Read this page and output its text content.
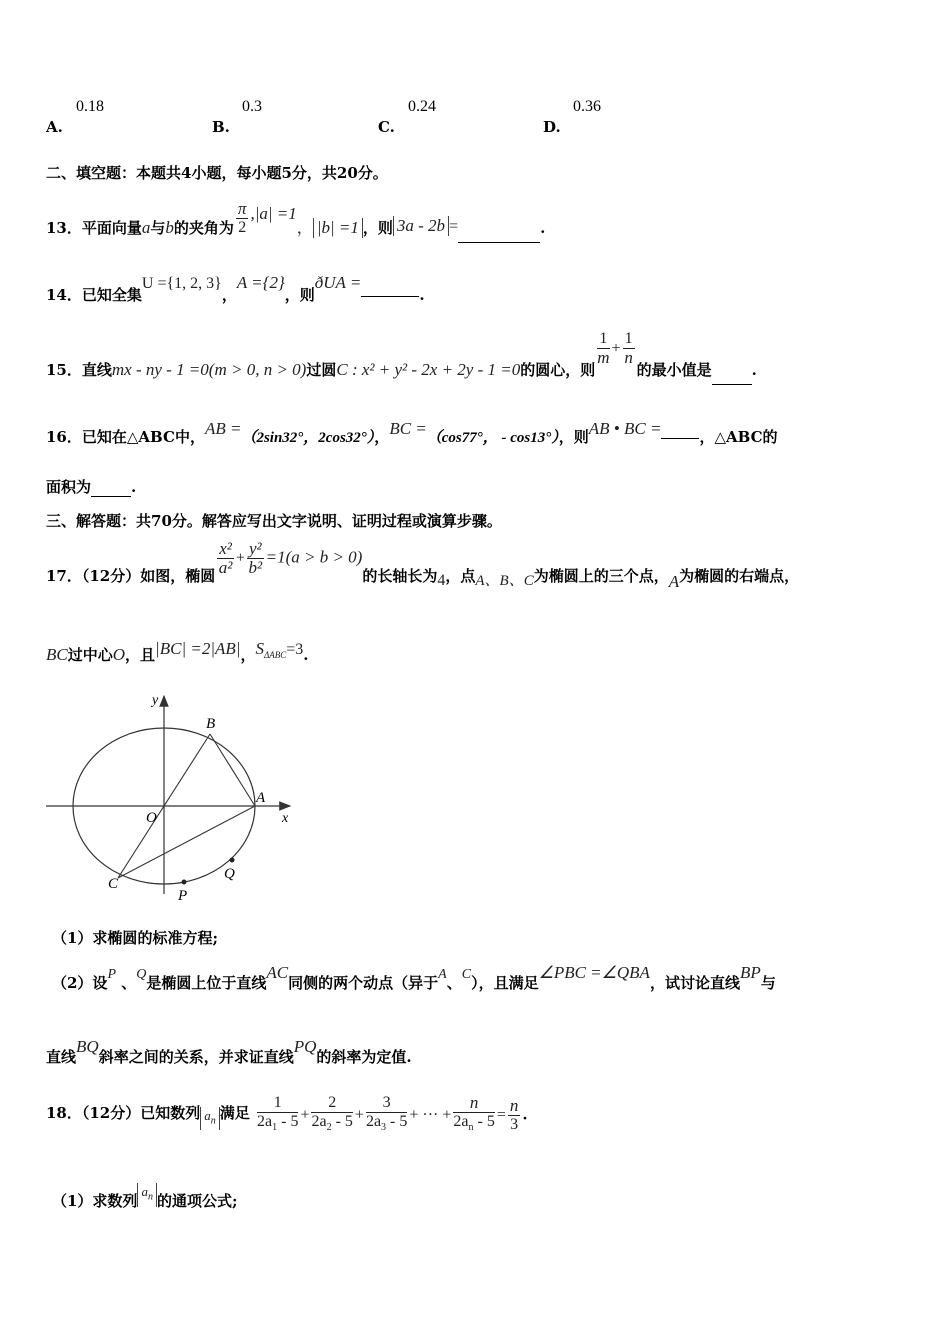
A.
0.18
B.
0.3
C.
0.24
D.
0.36
二、填空题：本题共4小题，每小题5分，共20分。
13．平面向量a与b的夹角为 $\frac{\pi}{2} ,|a| =1$， |b| =1 ，则 3a - 2b =	.
14．已知全集U ={1, 2, 3}，A ={2}，则ðUA =.
15．直线mx - ny - 1 =0(m > 0, n > 0)过圆C : x² + y² - 2x + 2y - 1 =0的圆心，则
$\frac{1}{m} + \frac{1}{n}$
的最小值是	.
16．已知在△ABC中，AB =（2sin32°，2cos32°），BC =（cos77°， - cos13°），则AB • BC =	，△ABC的
面积为	.
三、解答题：共70分。解答应写出文字说明、证明过程或演算步骤。
17．（12分）如图，椭圆 $\frac{\text{x²}}{\text{a²}} + \frac{\text{y²}}{\text{b²}} =1(a > b > 0)$的长轴长为4，点A、B、C为椭圆上的三个点，A为椭圆的右端点，
BC过中心O，且|BC| =2|AB|，$S_{\Delta ABC}=3$.
y
x
O
A
B
C
P
Q
（1）求椭圆的标准方程;
（2）设P 、Q是椭圆上位于直线AC同侧的两个动点（异于A、C），且满足∠PBC =∠QBA，试讨论直线BP与
直线BQ斜率之间的关系，并求证直线PQ的斜率为定值.
18．（12分）已知数列 $a_n$ 满足 $\frac{1}{2a_1 - 5} + \frac{2}{2a_2 - 5} + \frac{3}{2a_3 - 5}$ + ··· + $\frac{n}{2a_n - 5} = \frac{n}{3}$ .
（1）求数列$a_n$ 的通项公式;
